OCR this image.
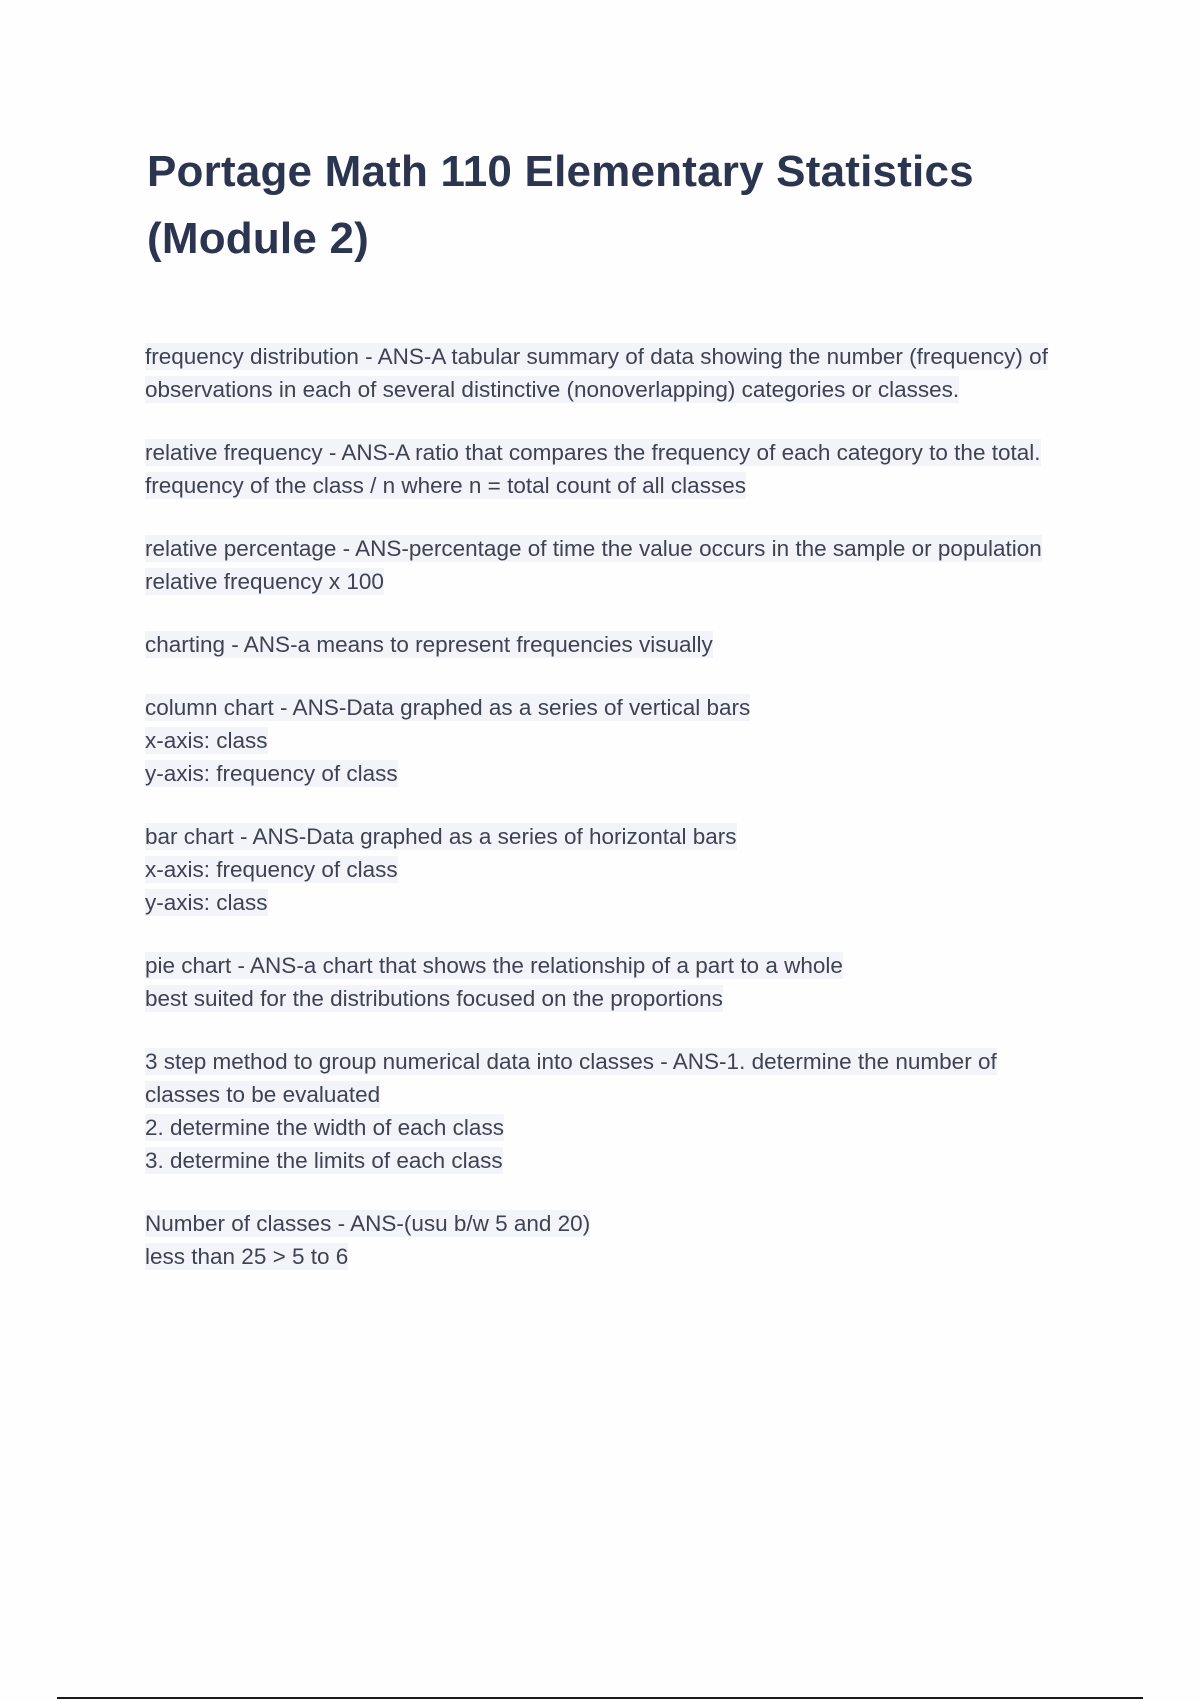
Portage Math 110 Elementary Statistics (Module 2)
frequency distribution - ANS-A tabular summary of data showing the number (frequency) of observations in each of several distinctive (nonoverlapping) categories or classes.
relative frequency - ANS-A ratio that compares the frequency of each category to the total.
frequency of the class / n where n = total count of all classes
relative percentage - ANS-percentage of time the value occurs in the sample or population
relative frequency x 100
charting - ANS-a means to represent frequencies visually
column chart - ANS-Data graphed as a series of vertical bars
x-axis: class
y-axis: frequency of class
bar chart - ANS-Data graphed as a series of horizontal bars
x-axis: frequency of class
y-axis: class
pie chart - ANS-a chart that shows the relationship of a part to a whole
best suited for the distributions focused on the proportions
3 step method to group numerical data into classes - ANS-1. determine the number of classes to be evaluated
2. determine the width of each class
3. determine the limits of each class
Number of classes - ANS-(usu b/w 5 and 20)
less than 25 > 5 to 6
